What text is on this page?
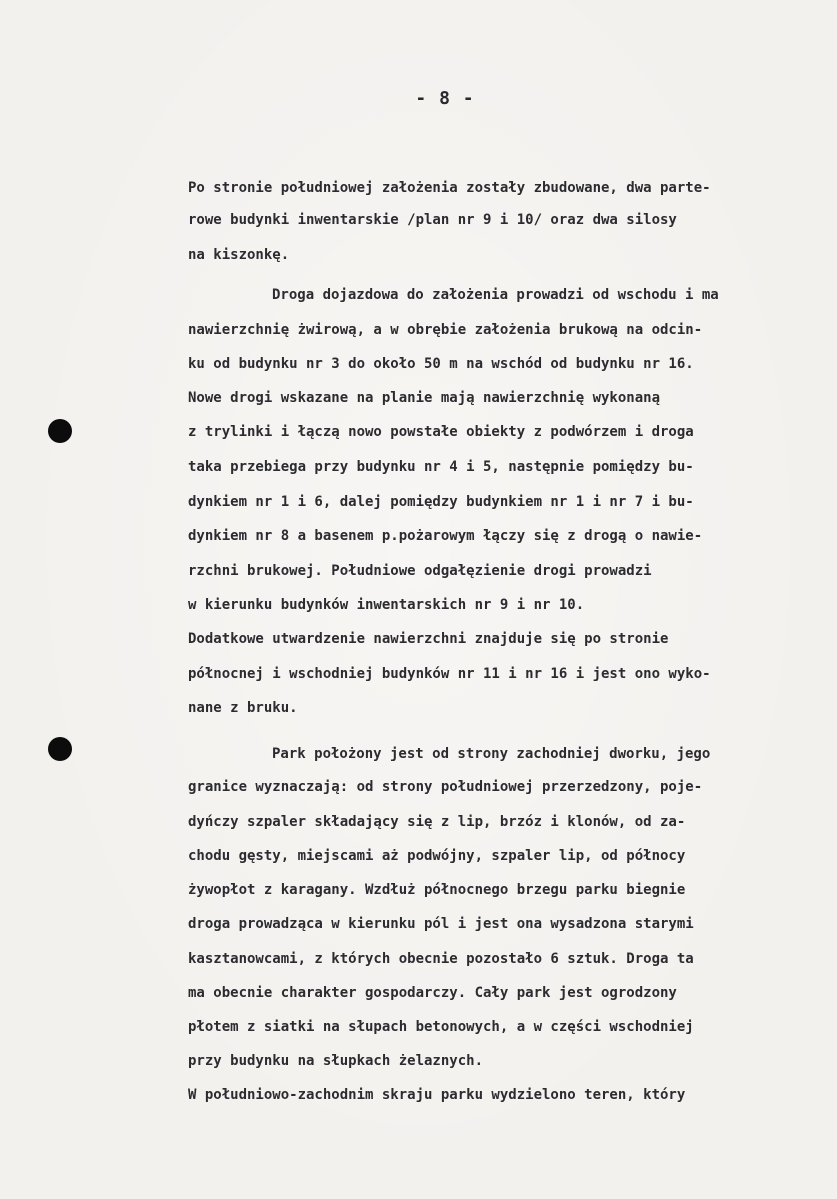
- 8 -
Po stronie południowej założenia zostały zbudowane, dwa parte-
rowe budynki inwentarskie /plan nr 9 i 10/ oraz dwa silosy
na kiszonkę.
Droga dojazdowa do założenia prowadzi od wschodu i ma
nawierzchnię żwirową, a w obrębie założenia brukową na odcin-
ku od budynku nr 3 do około 50 m na wschód od budynku nr 16.
Nowe drogi wskazane na planie mają nawierzchnię wykonaną
z trylinki i łączą nowo powstałe obiekty z podwórzem i droga
taka przebiega przy budynku nr 4 i 5, następnie pomiędzy bu-
dynkiem nr 1 i 6, dalej pomiędzy budynkiem nr 1 i nr 7 i bu-
dynkiem nr 8 a basenem p.pożarowym łączy się z drogą o nawie-
rzchni brukowej. Południowe odgałęzienie drogi prowadzi
w kierunku budynków inwentarskich nr 9 i nr 10.
Dodatkowe utwardzenie nawierzchni znajduje się po stronie
północnej i wschodniej budynków nr 11 i nr 16 i jest ono wyko-
nane z bruku.
Park położony jest od strony zachodniej dworku, jego
granice wyznaczają: od strony południowej przerzedzony, poje-
dyńczy szpaler składający się z lip, brzóz i klonów, od za-
chodu gęsty, miejscami aż podwójny, szpaler lip, od północy
żywopłot z karagany. Wzdłuż północnego brzegu parku biegnie
droga prowadząca w kierunku pól i jest ona wysadzona starymi
kasztanowcami, z których obecnie pozostało 6 sztuk. Droga ta
ma obecnie charakter gospodarczy. Cały park jest ogrodzony
płotem z siatki na słupach betonowych, a w części wschodniej
przy budynku na słupkach żelaznych.
W południowo-zachodnim skraju parku wydzielono teren, który
